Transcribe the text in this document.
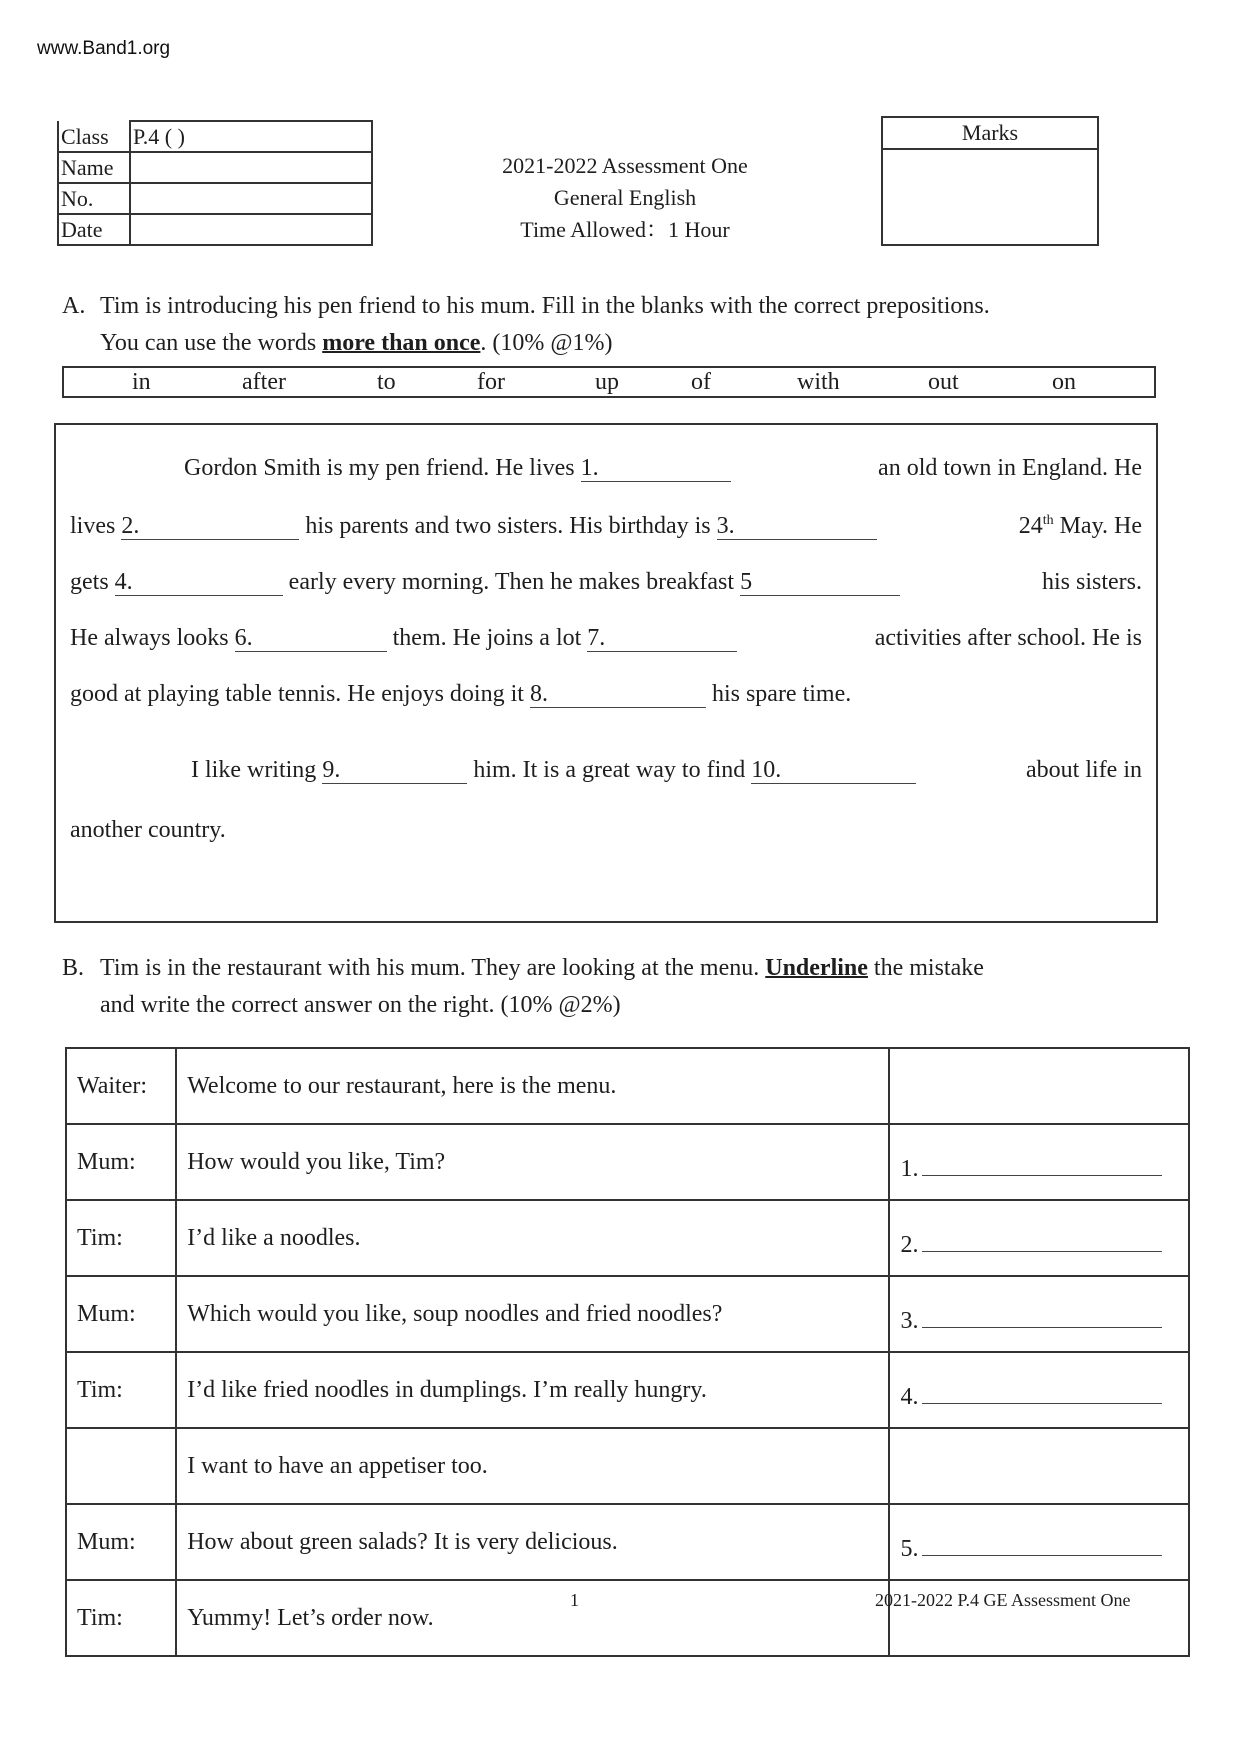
www.Band1.org
Class	P.4 ( )
Name	
No.	
Date	
2021-2022 Assessment One
General English
Time Allowed：1 Hour
Marks
A. Tim is introducing his pen friend to his mum. Fill in the blanks with the correct prepositions.
You can use the words more than once. (10% @1%)
in	after	to	for	up	of	with	out	on
Gordon Smith is my pen friend. He lives 1.	an old town in England. He
lives 2.	his parents and two sisters. His birthday is 3.	24th May. He
gets 4.	early every morning. Then he makes breakfast 5	his sisters.
He always looks 6.	them. He joins a lot 7.	activities after school. He is
good at playing table tennis. He enjoys doing it 8.	his spare time.
I like writing 9.	him. It is a great way to find 10.	about life in
another country.
B. Tim is in the restaurant with his mum. They are looking at the menu. Underline the mistake
and write the correct answer on the right. (10% @2%)
Waiter:	Welcome to our restaurant, here is the menu.	
Mum:	How would you like, Tim?	1.
Tim:	I’d like a noodles.	2.
Mum:	Which would you like, soup noodles and fried noodles?	3.
Tim:	I’d like fried noodles in dumplings. I’m really hungry.	4.
	I want to have an appetiser too.	
Mum:	How about green salads? It is very delicious.	5.
Tim:	Yummy! Let’s order now.	
1	2021-2022 P.4 GE Assessment One
